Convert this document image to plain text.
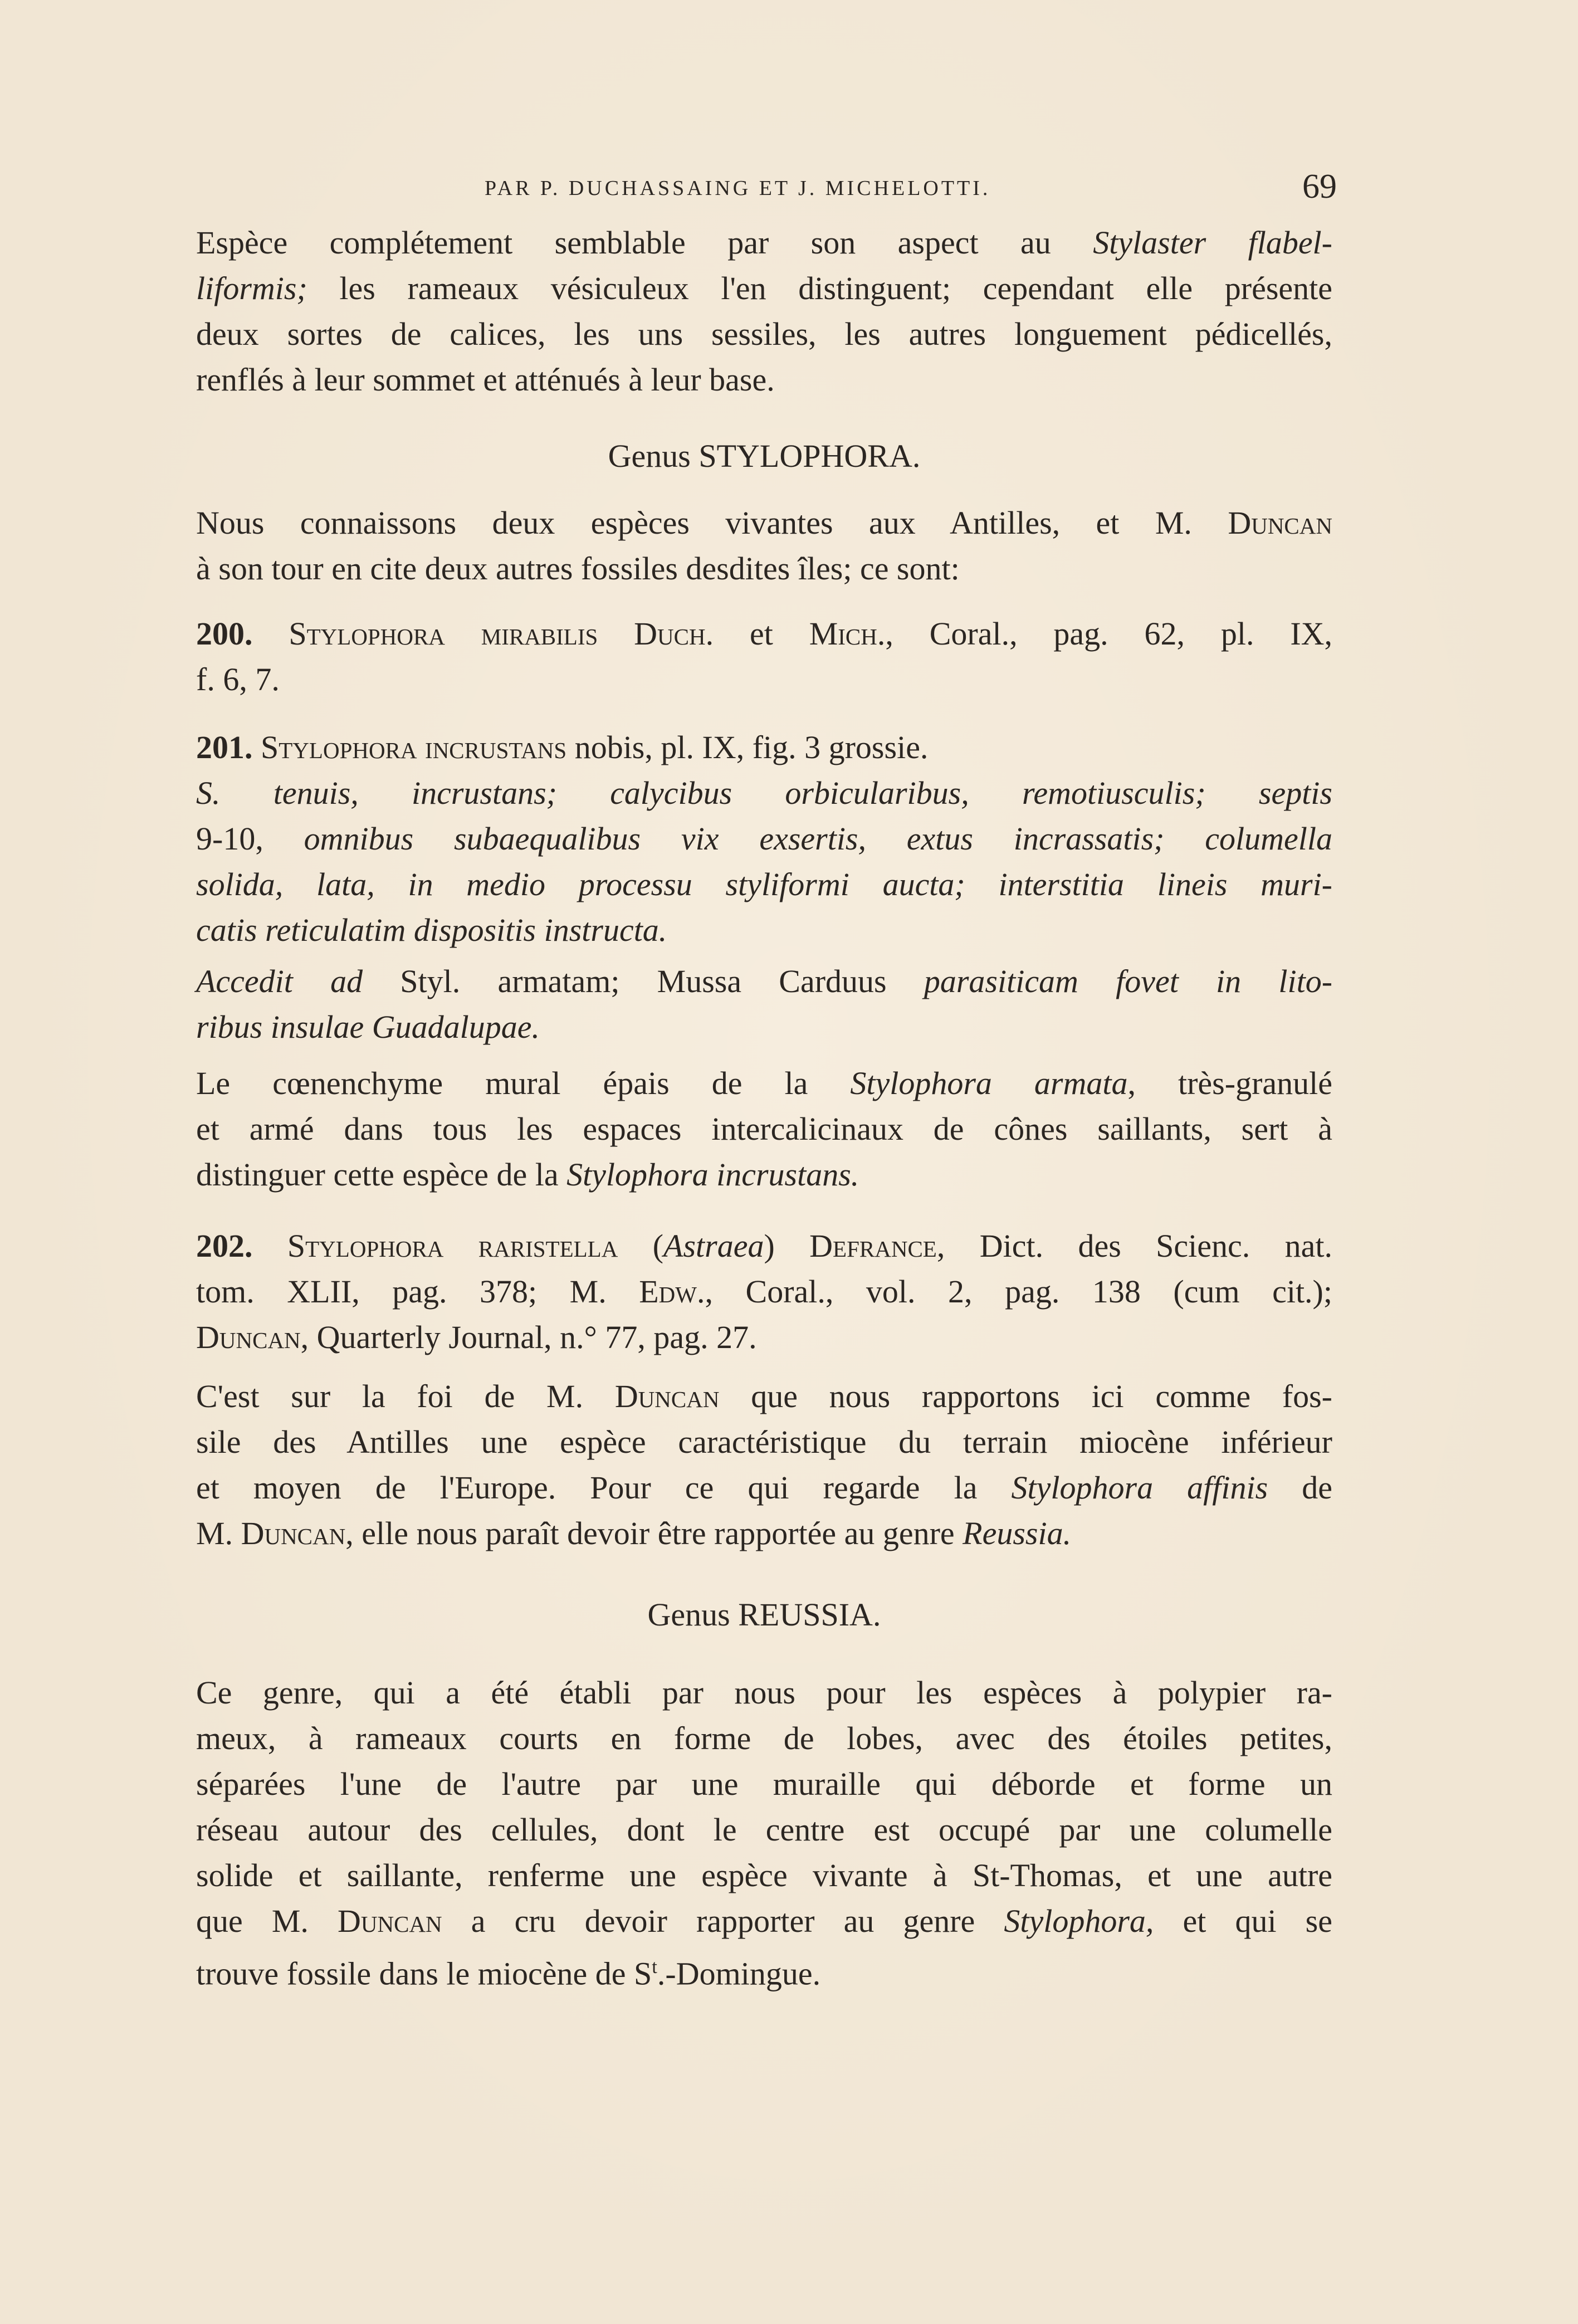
PAR P. DUCHASSAING ET J. MICHELOTTI.	69
Espèce complétement semblable par son aspect au Stylaster flabel-
liformis; les rameaux vésiculeux l'en distinguent; cependant elle présente
deux sortes de calices, les uns sessiles, les autres longuement pédicellés,
renflés à leur sommet et atténués à leur base.
Genus STYLOPHORA.
Nous connaissons deux espèces vivantes aux Antilles, et M. Duncan
à son tour en cite deux autres fossiles desdites îles; ce sont:
200. Stylophora mirabilis Duch. et Mich., Coral., pag. 62, pl. IX,
f. 6, 7.
201. Stylophora incrustans nobis, pl. IX, fig. 3 grossie.
S. tenuis, incrustans; calycibus orbicularibus, remotiusculis; septis
9-10, omnibus subaequalibus vix exsertis, extus incrassatis; columella
solida, lata, in medio processu styliformi aucta; interstitia lineis muri-
catis reticulatim dispositis instructa.
Accedit ad Styl. armatam; Mussa Carduus parasiticam fovet in lito-
ribus insulae Guadalupae.
Le cœnenchyme mural épais de la Stylophora armata, très-granulé
et armé dans tous les espaces intercalicinaux de cônes saillants, sert à
distinguer cette espèce de la Stylophora incrustans.
202. Stylophora raristella (Astraea) Defrance, Dict. des Scienc. nat.
tom. XLII, pag. 378; M. Edw., Coral., vol. 2, pag. 138 (cum cit.);
Duncan, Quarterly Journal, n.° 77, pag. 27.
C'est sur la foi de M. Duncan que nous rapportons ici comme fos-
sile des Antilles une espèce caractéristique du terrain miocène inférieur
et moyen de l'Europe. Pour ce qui regarde la Stylophora affinis de
M. Duncan, elle nous paraît devoir être rapportée au genre Reussia.
Genus REUSSIA.
Ce genre, qui a été établi par nous pour les espèces à polypier ra-
meux, à rameaux courts en forme de lobes, avec des étoiles petites,
séparées l'une de l'autre par une muraille qui déborde et forme un
réseau autour des cellules, dont le centre est occupé par une columelle
solide et saillante, renferme une espèce vivante à St-Thomas, et une autre
que M. Duncan a cru devoir rapporter au genre Stylophora, et qui se
trouve fossile dans le miocène de $S^t$.-Domingue.
